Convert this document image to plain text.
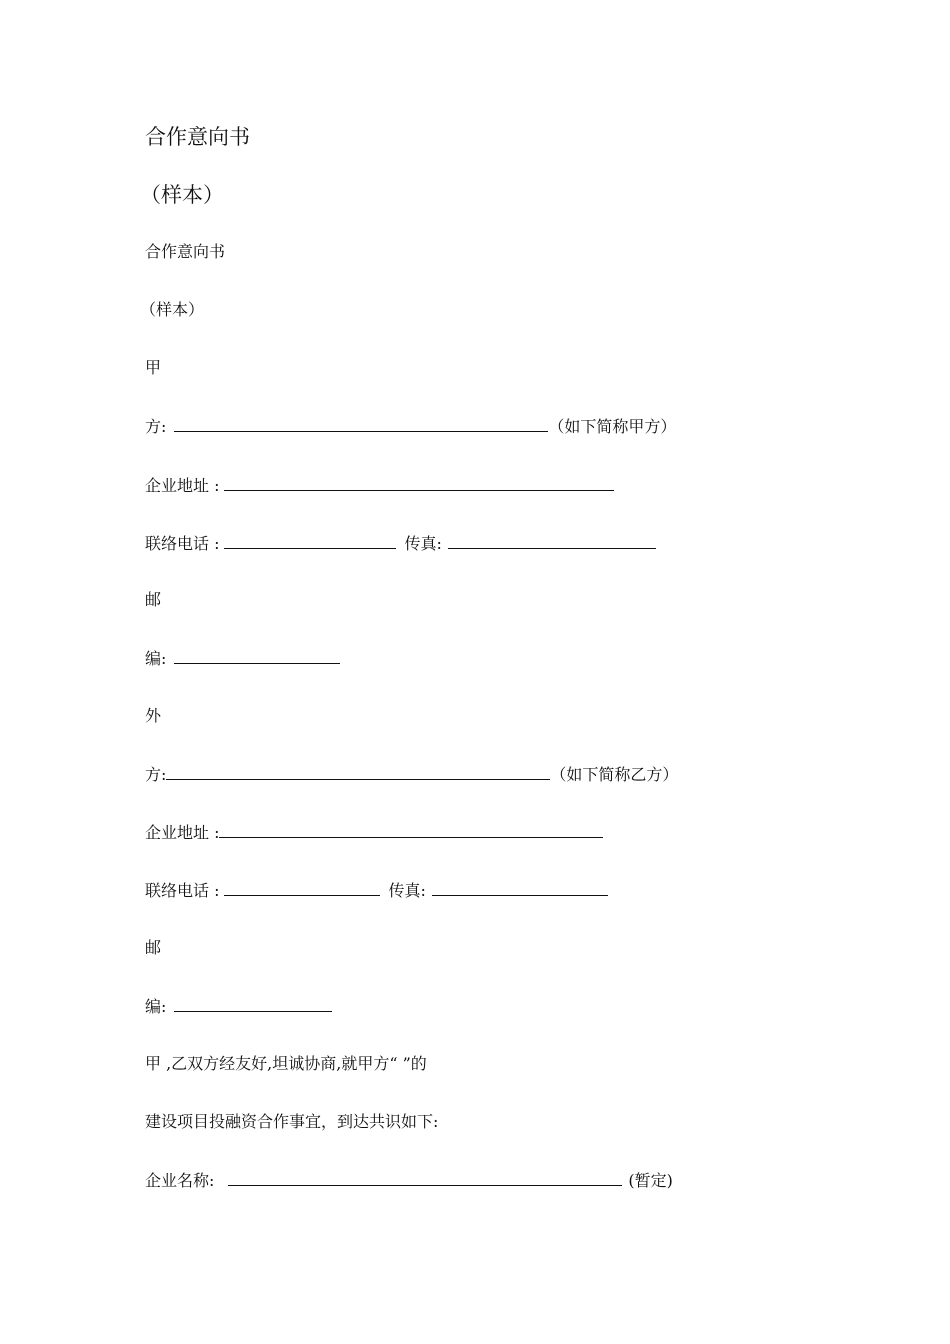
合作意向书
（样本）
合作意向书
（样本）
甲
方:	（如下简称甲方）
企业地址 :
联络电话 :	传真:
邮
编:
外
方:	（如下简称乙方）
企业地址 :
联络电话 :	传真:
邮
编:
甲 ,乙双方经友好,坦诚协商,就甲方“ ”的
建设项目投融资合作事宜，到达共识如下:
企业名称:	(暂定)
